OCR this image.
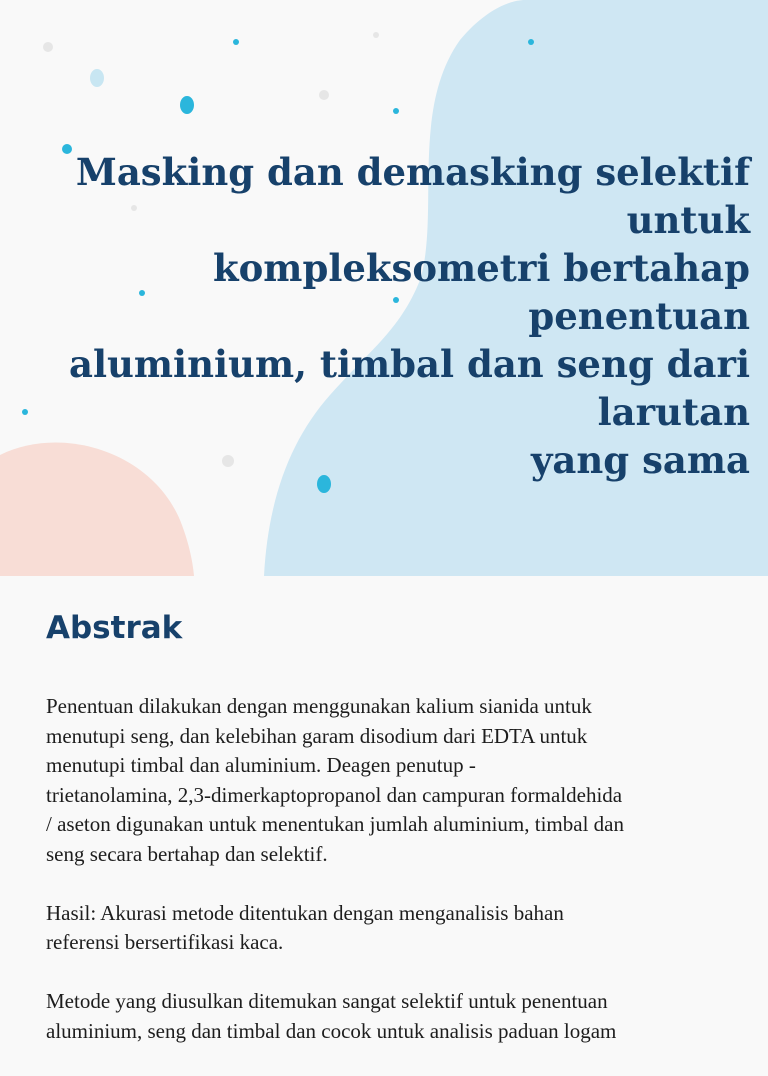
Masking dan demasking selektif untuk
kompleksometri bertahap penentuan
aluminium, timbal dan seng dari larutan
yang sama
Abstrak

Penentuan dilakukan dengan menggunakan kalium sianida untuk
menutupi seng, dan kelebihan garam disodium dari EDTA untuk
menutupi timbal dan aluminium. Deagen penutup -
trietanolamina, 2,3-dimerkaptopropanol dan campuran formaldehida
/ aseton digunakan untuk menentukan jumlah aluminium, timbal dan
seng secara bertahap dan selektif.

Hasil: Akurasi metode ditentukan dengan menganalisis bahan
referensi bersertifikasi kaca.

Metode yang diusulkan ditemukan sangat selektif untuk penentuan
aluminium, seng dan timbal dan cocok untuk analisis paduan logam
